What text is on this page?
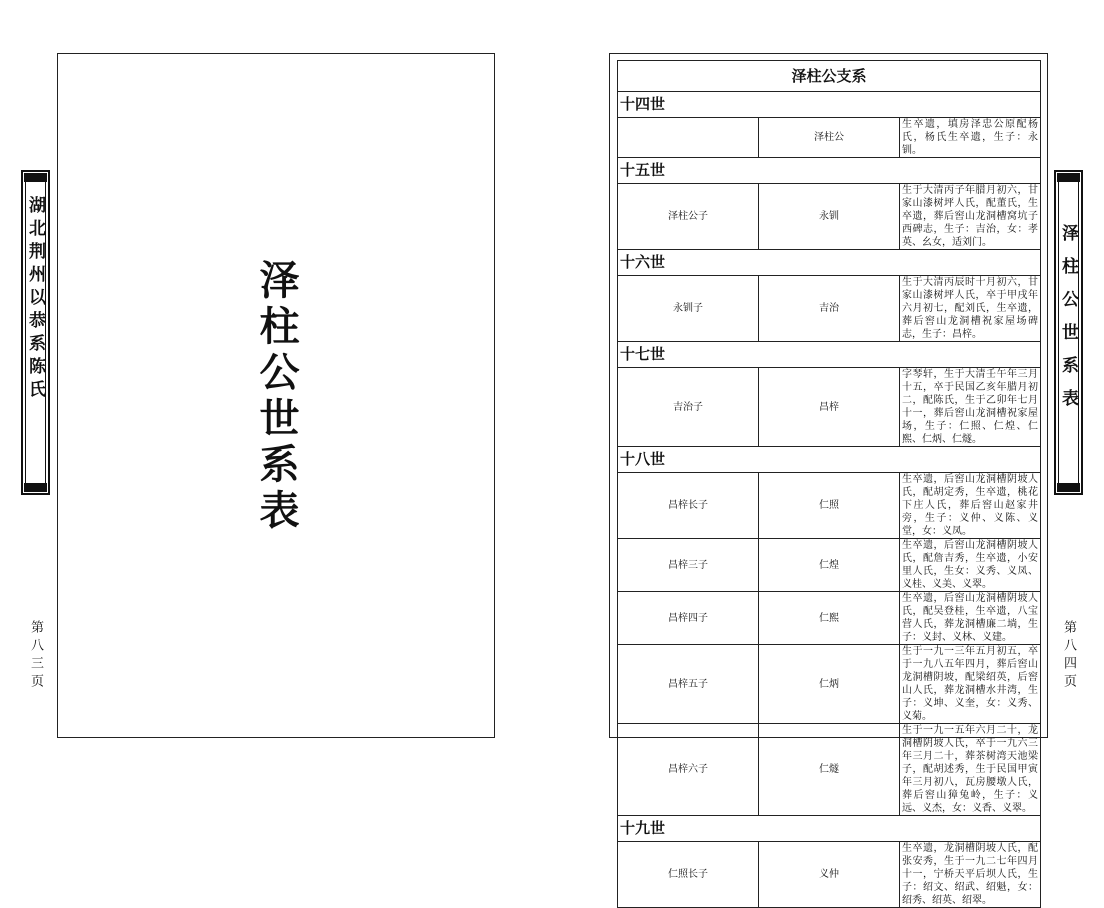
湖北荆州以恭系陈氏
第八三页
泽柱公世系表
泽柱公支系		
十四世		
	泽柱公	生卒遗，填房泽忠公原配杨氏，杨氏生卒遗，生子：永钏。
十五世		
泽柱公子	永钏	生于大清丙子年腊月初六，甘家山漆树坪人氏，配董氏，生卒遗，葬后窖山龙洞槽窝坑子西碑志，生子：吉治，女：孝英、幺女，适刘门。
十六世		
永钏子	吉治	生于大清丙辰时十月初六，甘家山漆树坪人氏，卒于甲戌年六月初七，配刘氏，生卒遗，葬后窖山龙洞槽祝家屋场碑志，生子：昌梓。
十七世		
吉治子	昌梓	字琴轩，生于大清壬午年三月十五，卒于民国乙亥年腊月初二，配陈氏，生于乙卯年七月十一，葬后窖山龙洞槽祝家屋场，生子：仁照、仁煌、仁熙、仁炳、仁燧。
十八世		
昌梓长子	仁照	生卒遗，后窖山龙洞槽阴坡人氏，配胡定秀，生卒遗，桃花下庄人氏，葬后窖山赵家井旁，生子：义仲、义陈、义堂，女：义凤。
昌梓三子	仁煌	生卒遗，后窖山龙洞槽阴坡人氏，配詹吉秀，生卒遗，小安里人氏，生女：义秀、义凤、义桂、义美、义翠。
昌梓四子	仁熙	生卒遗，后窖山龙洞槽阴坡人氏，配吴登桂，生卒遗，八宝营人氏，葬龙洞槽廉二埫，生子：义封、义林、义建。
昌梓五子	仁炳	生于一九一三年五月初五，卒于一九八五年四月，葬后窖山龙洞槽阴坡，配梁绍英，后窖山人氏，葬龙洞槽水井湾，生子：义坤、义奎，女：义秀、义菊。
昌梓六子	仁燧	生于一九一五年六月二十，龙洞槽阴坡人氏，卒于一九六三年三月二十，葬茶树湾天池梁子，配胡述秀，生于民国甲寅年三月初八，瓦房腰墩人氏，葬后窖山獐兔岭，生子：义远、义杰，女：义香、义翠。
十九世		
仁照长子	义仲	生卒遗，龙洞槽阴坡人氏，配张安秀，生于一九二七年四月十一，宁桥天平后坝人氏，生子：绍文、绍武、绍魁，女：绍秀、绍英、绍翠。
泽柱公世系表
第八四页
